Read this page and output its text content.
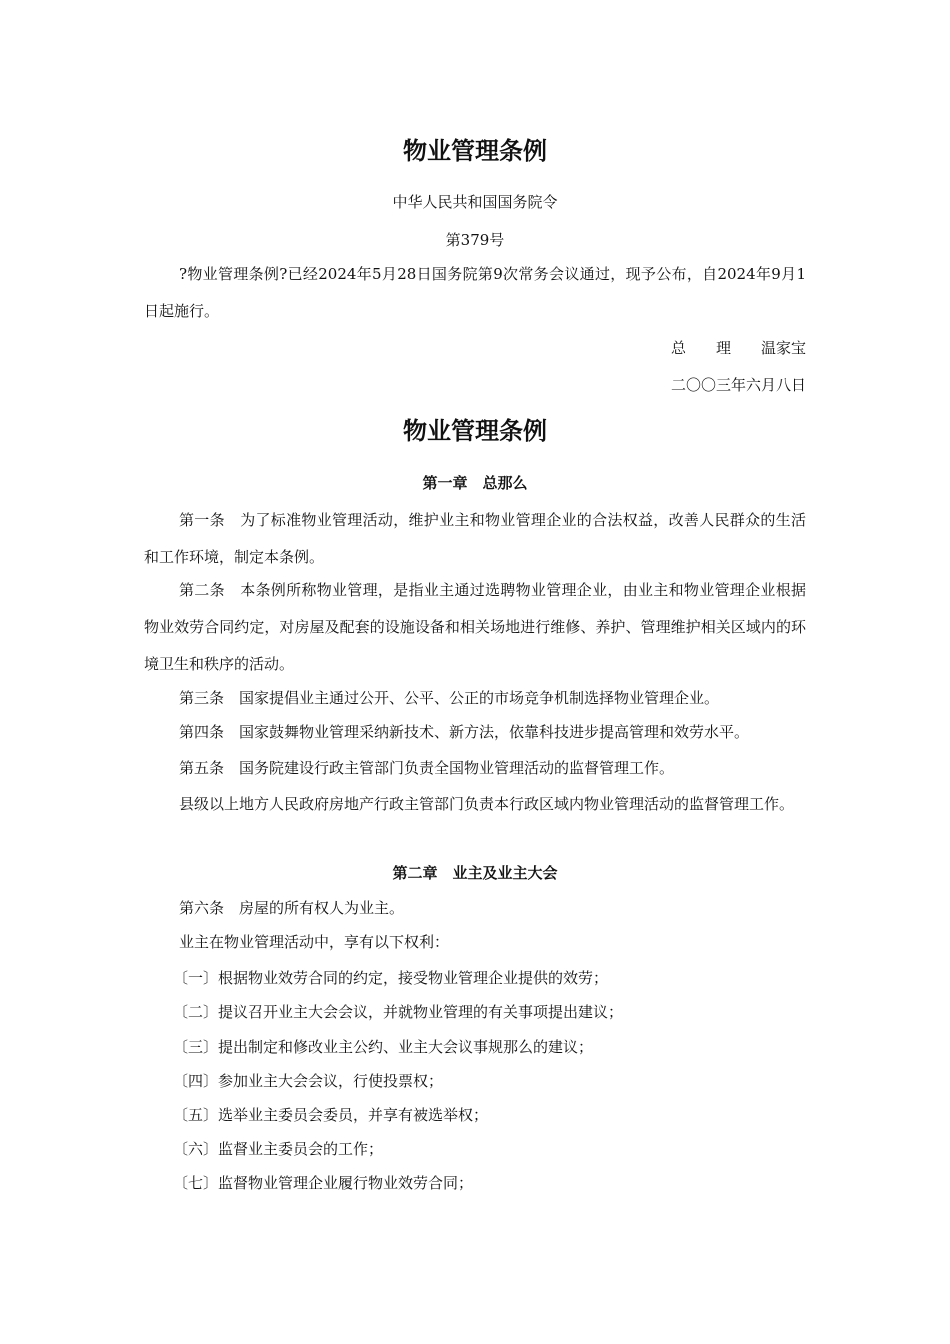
物业管理条例

中华人民共和国国务院令

第379号

?物业管理条例?已经2024年5月28日国务院第9次常务会议通过，现予公布，自2024年9月1日起施行。

总　　理　　温家宝

二〇〇三年六月八日

物业管理条例

第一章　总那么

第一条　为了标准物业管理活动，维护业主和物业管理企业的合法权益，改善人民群众的生活和工作环境，制定本条例。

第二条　本条例所称物业管理，是指业主通过选聘物业管理企业，由业主和物业管理企业根据物业效劳合同约定，对房屋及配套的设施设备和相关场地进行维修、养护、管理维护相关区域内的环境卫生和秩序的活动。

第三条　国家提倡业主通过公开、公平、公正的市场竞争机制选择物业管理企业。

第四条　国家鼓舞物业管理采纳新技术、新方法，依靠科技进步提高管理和效劳水平。

第五条　国务院建设行政主管部门负责全国物业管理活动的监督管理工作。

县级以上地方人民政府房地产行政主管部门负责本行政区域内物业管理活动的监督管理工作。

第二章　业主及业主大会

第六条　房屋的所有权人为业主。

业主在物业管理活动中，享有以下权利：

〔一〕根据物业效劳合同的约定，接受物业管理企业提供的效劳；

〔二〕提议召开业主大会会议，并就物业管理的有关事项提出建议；

〔三〕提出制定和修改业主公约、业主大会议事规那么的建议；

〔四〕参加业主大会会议，行使投票权；

〔五〕选举业主委员会委员，并享有被选举权；

〔六〕监督业主委员会的工作；

〔七〕监督物业管理企业履行物业效劳合同；
